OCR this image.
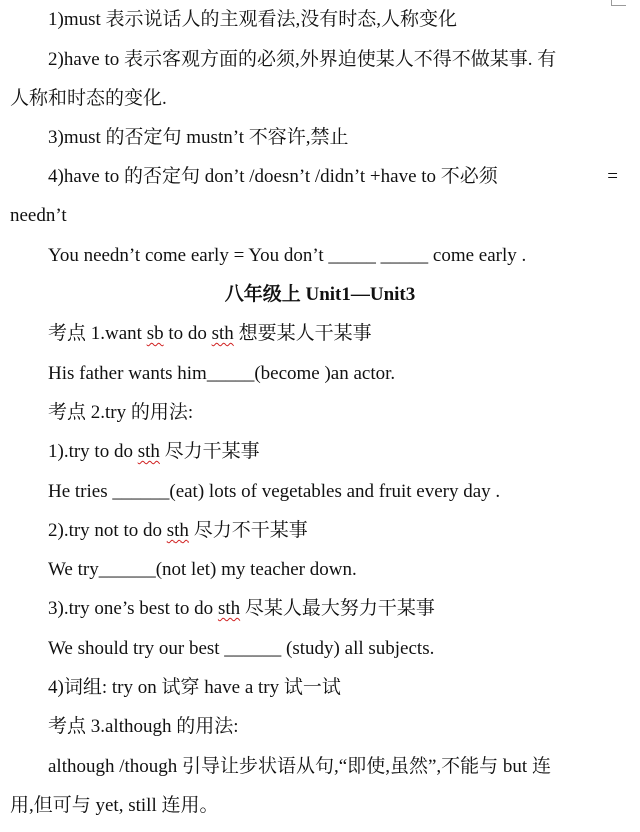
1)must 表示说话人的主观看法,没有时态,人称变化
2)have to 表示客观方面的必须,外界迫使某人不得不做某事. 有
人称和时态的变化.
3)must 的否定句 mustn’t 不容许,禁止
4)have to 的否定句 don’t /doesn’t /didn’t +have to 不必须	=
needn’t
You needn’t come early = You don’t _____ _____ come early .
八年级上 Unit1—Unit3
考点 1.want sb to do sth 想要某人干某事
His father wants him_____(become )an actor.
考点 2.try 的用法:
1).try to do sth 尽力干某事
He tries ______(eat) lots of vegetables and fruit every day .
2).try not to do sth 尽力不干某事
We try______(not let) my teacher down.
3).try one’s best to do sth 尽某人最大努力干某事
We should try our best ______ (study) all subjects.
4)词组: try on 试穿 have a try 试一试
考点 3.although 的用法:
although /though 引导让步状语从句,“即使,虽然”,不能与 but 连
用,但可与 yet, still 连用。
